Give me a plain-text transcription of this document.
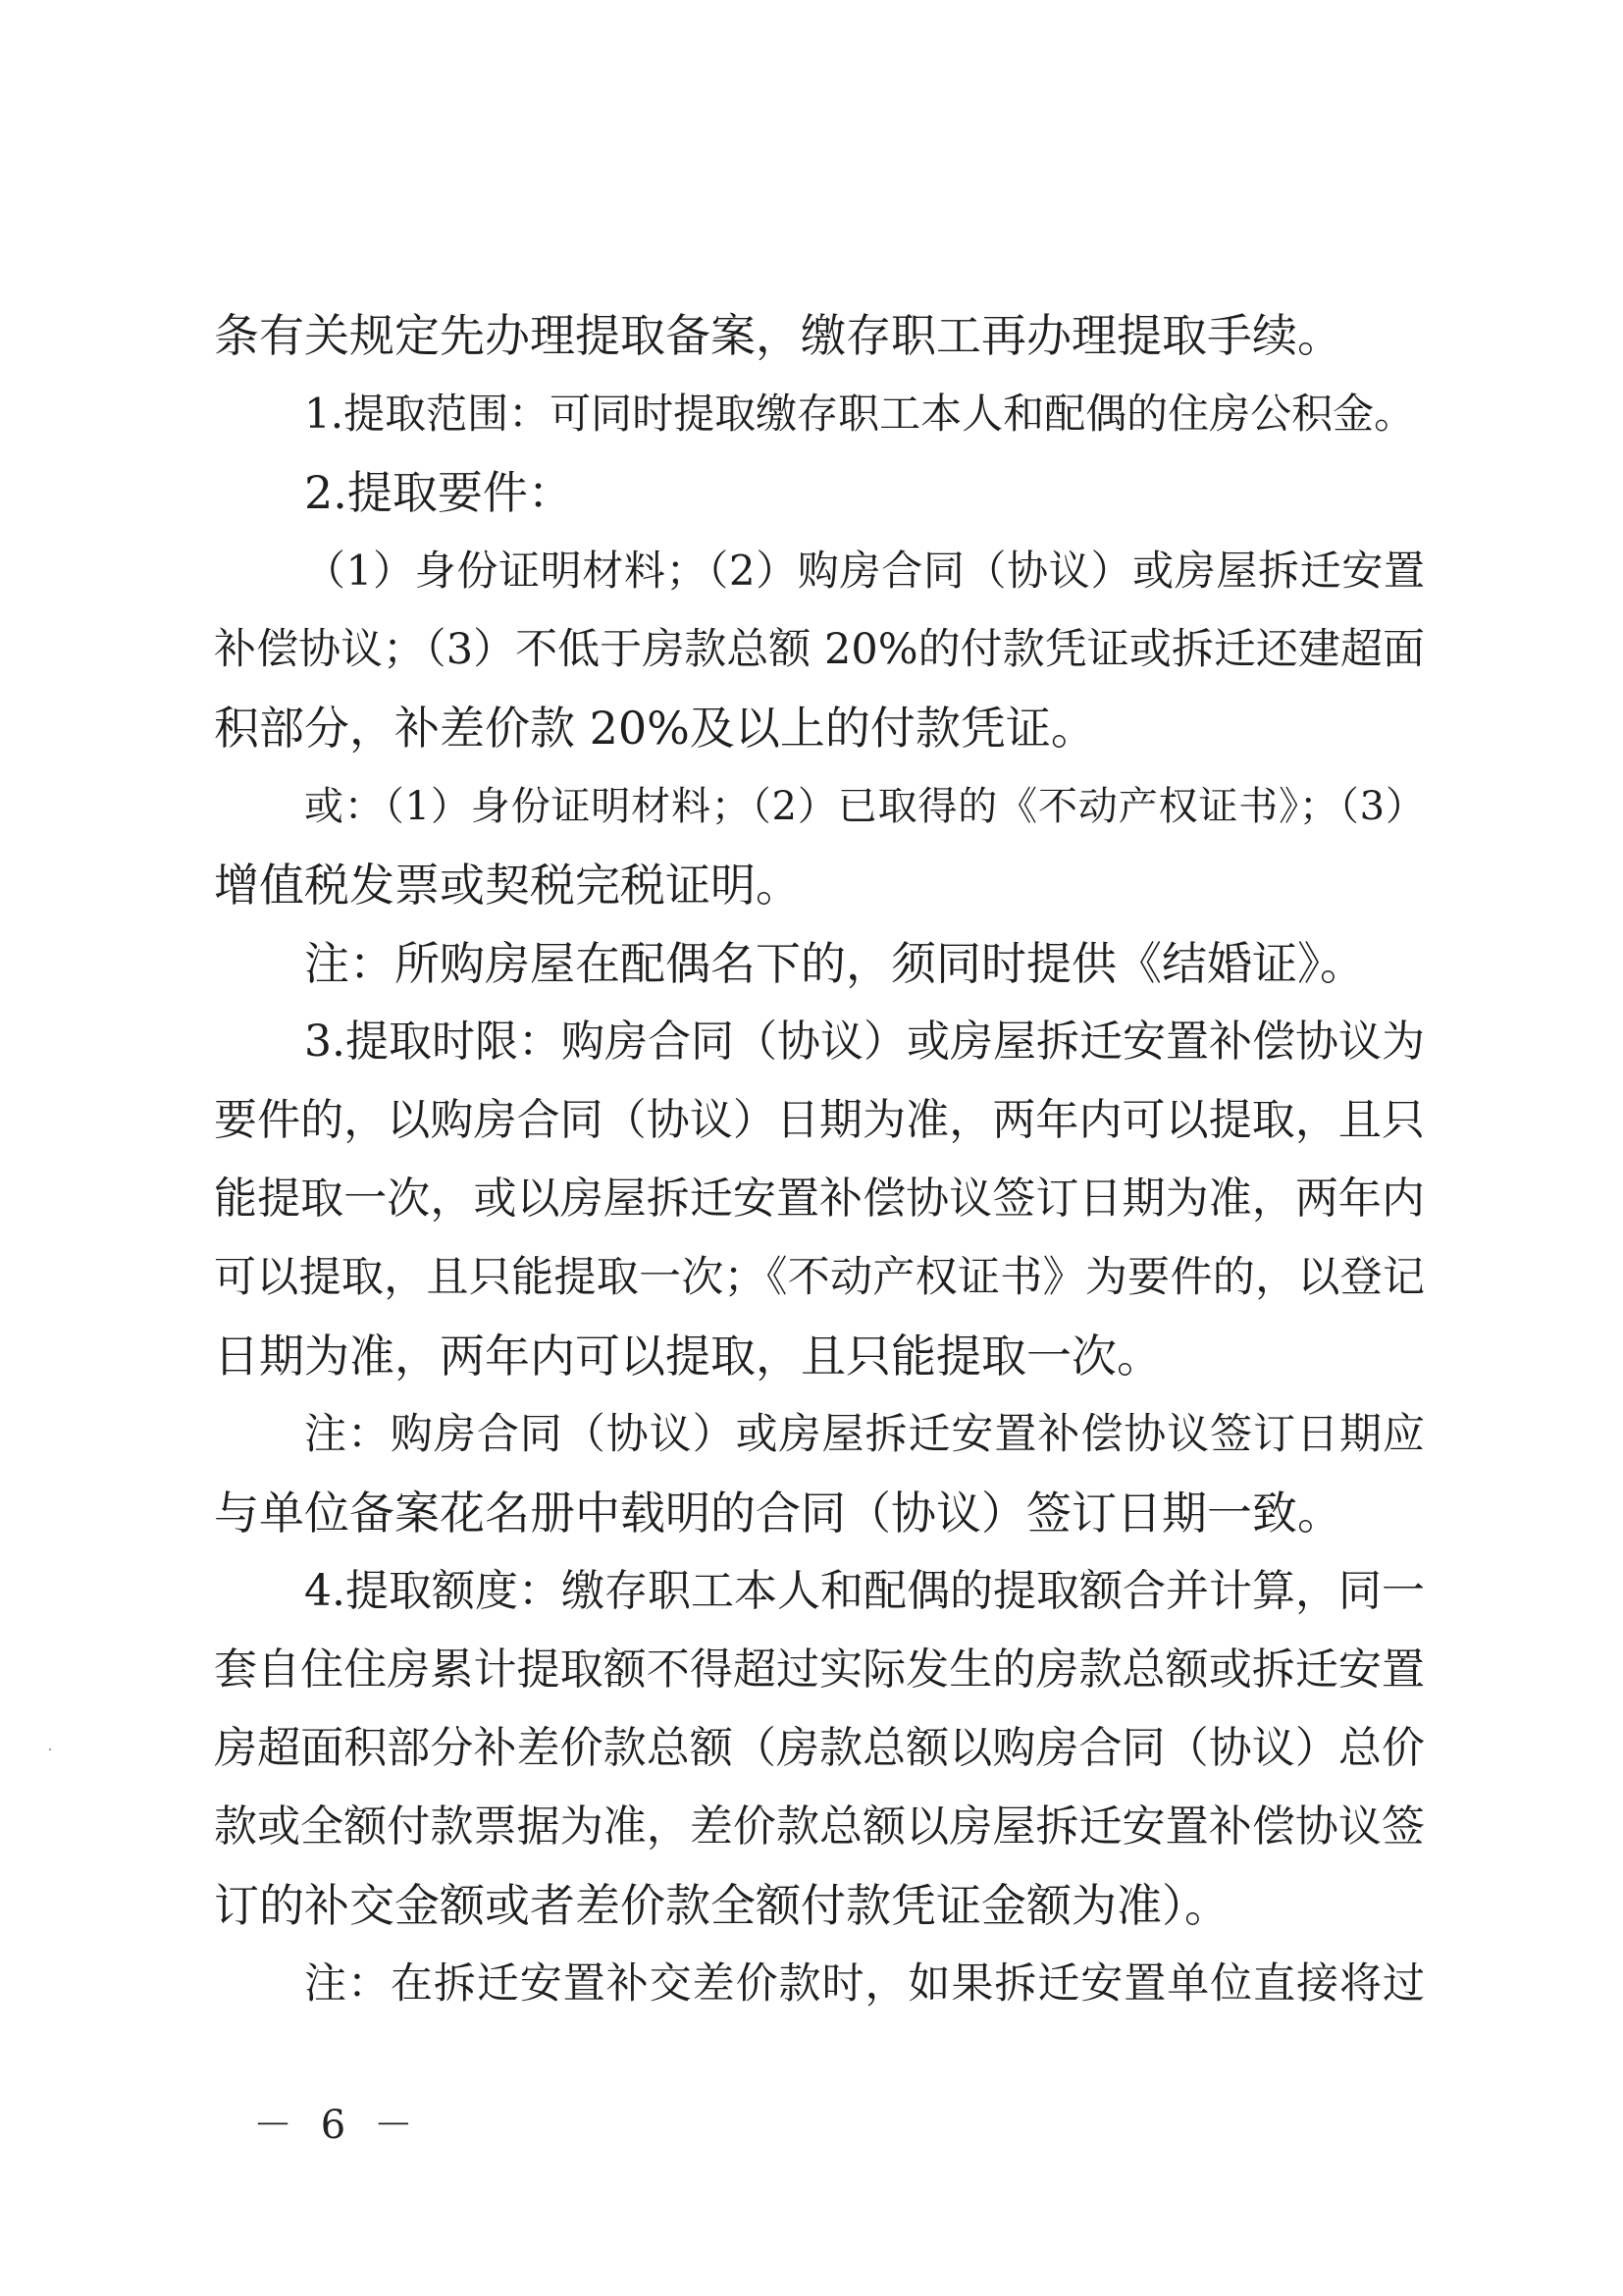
条有关规定先办理提取备案，缴存职工再办理提取手续。
1.提取范围：可同时提取缴存职工本人和配偶的住房公积金。
2.提取要件：
（1）身份证明材料；（2）购房合同（协议）或房屋拆迁安置
补偿协议；（3）不低于房款总额 20%的付款凭证或拆迁还建超面
积部分，补差价款 20%及以上的付款凭证。
或：（1）身份证明材料；（2）已取得的《不动产权证书》；（3）
增值税发票或契税完税证明。
注：所购房屋在配偶名下的，须同时提供《结婚证》。
3.提取时限：购房合同（协议）或房屋拆迁安置补偿协议为
要件的，以购房合同（协议）日期为准，两年内可以提取，且只
能提取一次，或以房屋拆迁安置补偿协议签订日期为准，两年内
可以提取，且只能提取一次；《不动产权证书》为要件的，以登记
日期为准，两年内可以提取，且只能提取一次。
注：购房合同（协议）或房屋拆迁安置补偿协议签订日期应
与单位备案花名册中载明的合同（协议）签订日期一致。
4.提取额度：缴存职工本人和配偶的提取额合并计算，同一
套自住住房累计提取额不得超过实际发生的房款总额或拆迁安置
房超面积部分补差价款总额（房款总额以购房合同（协议）总价
款或全额付款票据为准，差价款总额以房屋拆迁安置补偿协议签
订的补交金额或者差价款全额付款凭证金额为准）。
注：在拆迁安置补交差价款时，如果拆迁安置单位直接将过
－ 6 －
